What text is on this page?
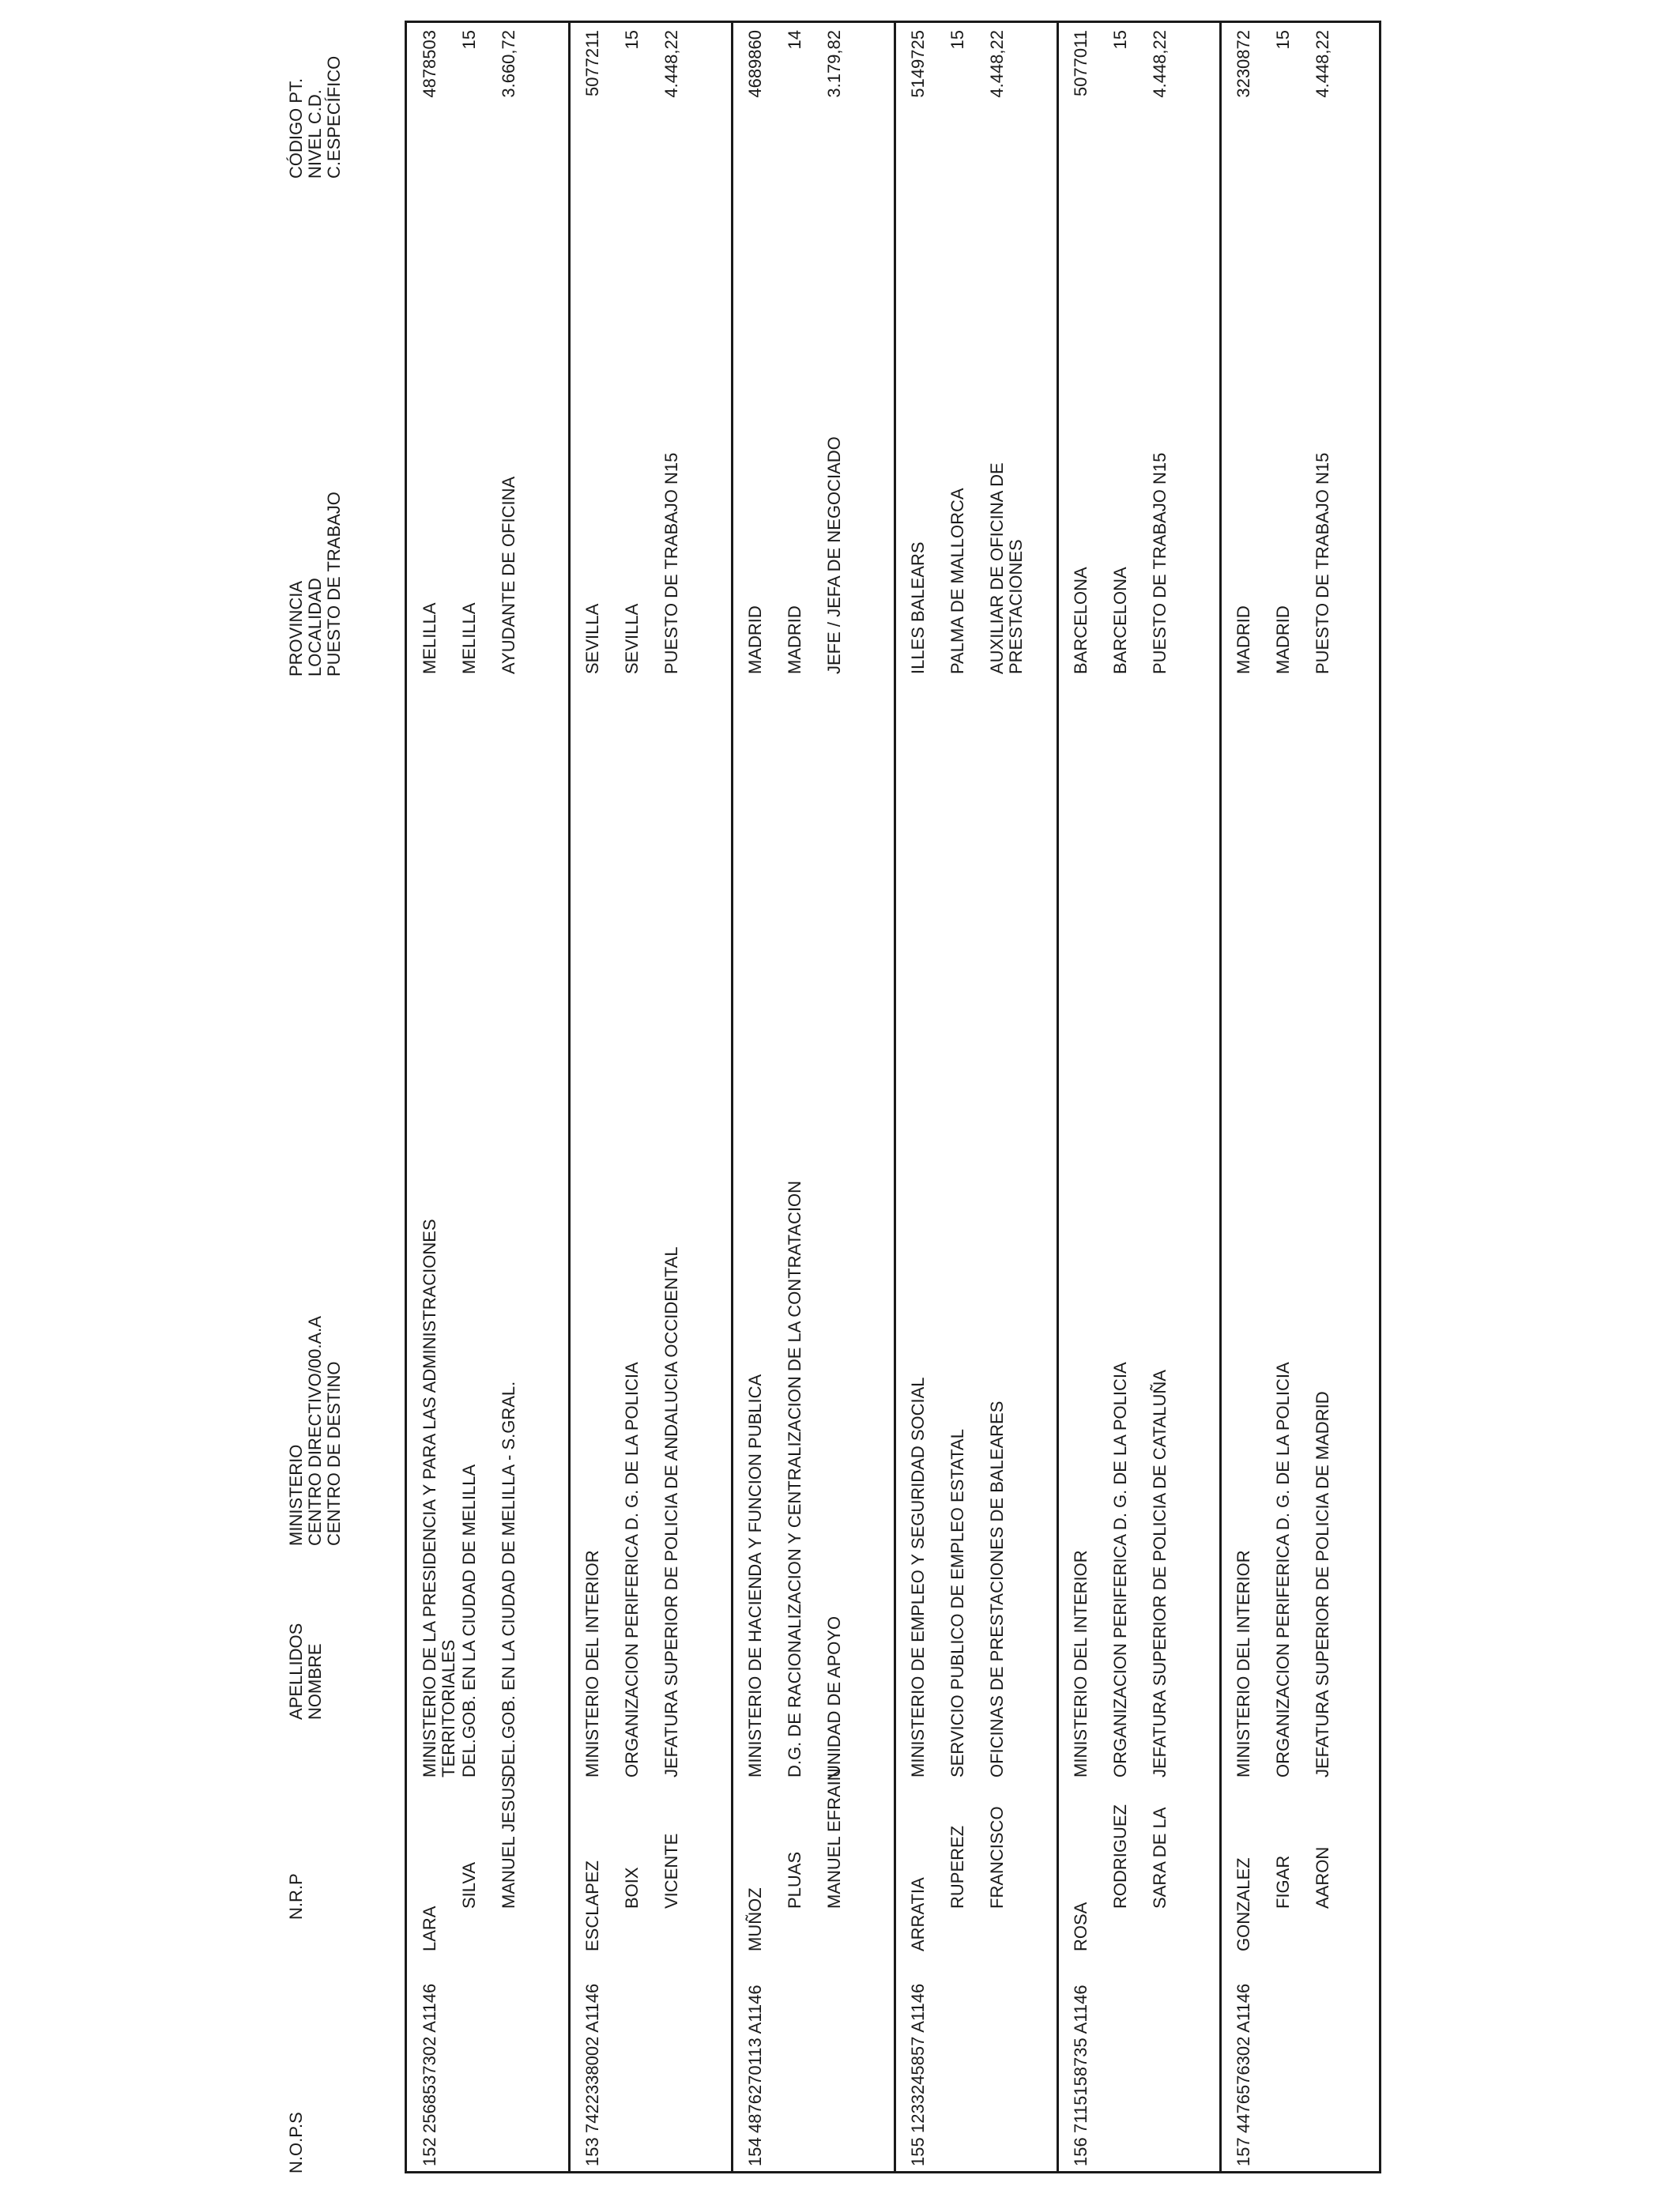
N.O.P.S
N.R.P
APELLIDOS NOMBRE
MINISTERIO CENTRO DIRECTIVO/00.A.A CENTRO DE DESTINO
PROVINCIA LOCALIDAD PUESTO DE TRABAJO
CÓDIGO PT. NIVEL C.D. C.ESPECÍFICO
152
2568537302 A1146
LARA
SILVA MANUEL JESUS
MINISTERIO DE LA PRESIDENCIA Y PARA LAS ADMINISTRACIONES TERRITORIALES DEL.GOB. EN LA CIUDAD DE MELILLA DEL.GOB. EN LA CIUDAD DE MELILLA - S.GRAL.
MELILLA MELILLA AYUDANTE DE OFICINA
4878503 15 3.660,72
153
7422338002 A1146
ESCLAPEZ BOIX VICENTE
MINISTERIO DEL INTERIOR ORGANIZACION PERIFERICA D. G. DE LA POLICIA JEFATURA SUPERIOR DE POLICIA DE ANDALUCIA OCCIDENTAL
SEVILLA SEVILLA PUESTO DE TRABAJO N15
5077211 15 4.448,22
154
4876270113 A1146
MUÑOZ
PLUAS MANUEL EFRAIN
MINISTERIO DE HACIENDA Y FUNCION PUBLICA D.G. DE RACIONALIZACION Y CENTRALIZACION DE LA CONTRATACION UNIDAD DE APOYO
MADRID MADRID JEFE / JEFA DE NEGOCIADO
4689860 14 3.179,82
155
1233245857 A1146
ARRATIA
RUPEREZ FRANCISCO
MINISTERIO DE EMPLEO Y SEGURIDAD SOCIAL SERVICIO PUBLICO DE EMPLEO ESTATAL OFICINAS DE PRESTACIONES DE BALEARES
ILLES BALEARS PALMA DE MALLORCA AUXILIAR DE OFICINA DE PRESTACIONES
5149725 15 4.448,22
156
7115158735 A1146
ROSA
RODRIGUEZ SARA DE LA
MINISTERIO DEL INTERIOR ORGANIZACION PERIFERICA D. G. DE LA POLICIA JEFATURA SUPERIOR DE POLICIA DE CATALUÑA
BARCELONA BARCELONA PUESTO DE TRABAJO N15
5077011 15 4.448,22
157
4476576302 A1146
GONZALEZ FIGAR AARON
MINISTERIO DEL INTERIOR ORGANIZACION PERIFERICA D. G. DE LA POLICIA JEFATURA SUPERIOR DE POLICIA DE MADRID
MADRID MADRID PUESTO DE TRABAJO N15
3230872 15 4.448,22
